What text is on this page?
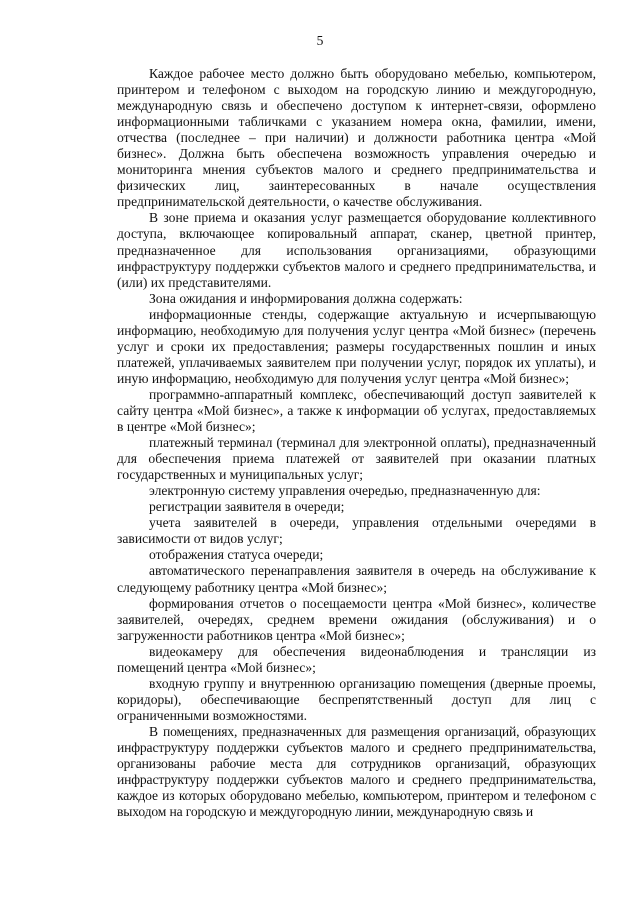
5

Каждое рабочее место должно быть оборудовано мебелью, компьютером, принтером и телефоном с выходом на городскую линию и междугородную, международную связь и обеспечено доступом к интернет-связи, оформлено информационными табличками с указанием номера окна, фамилии, имени, отчества (последнее – при наличии) и должности работника центра «Мой бизнес». Должна быть обеспечена возможность управления очередью и мониторинга мнения субъектов малого и среднего предпринимательства и физических лиц, заинтересованных в начале осуществления предпринимательской деятельности, о качестве обслуживания.

В зоне приема и оказания услуг размещается оборудование коллективного доступа, включающее копировальный аппарат, сканер, цветной принтер, предназначенное для использования организациями, образующими инфраструктуру поддержки субъектов малого и среднего предпринимательства, и (или) их представителями.

Зона ожидания и информирования должна содержать:

информационные стенды, содержащие актуальную и исчерпывающую информацию, необходимую для получения услуг центра «Мой бизнес» (перечень услуг и сроки их предоставления; размеры государственных пошлин и иных платежей, уплачиваемых заявителем при получении услуг, порядок их уплаты), и иную информацию, необходимую для получения услуг центра «Мой бизнес»;

программно-аппаратный комплекс, обеспечивающий доступ заявителей к сайту центра «Мой бизнес», а также к информации об услугах, предоставляемых в центре «Мой бизнес»;

платежный терминал (терминал для электронной оплаты), предназначенный для обеспечения приема платежей от заявителей при оказании платных государственных и муниципальных услуг;

электронную систему управления очередью, предназначенную для:

регистрации заявителя в очереди;

учета заявителей в очереди, управления отдельными очередями в зависимости от видов услуг;

отображения статуса очереди;

автоматического перенаправления заявителя в очередь на обслуживание к следующему работнику центра «Мой бизнес»;

формирования отчетов о посещаемости центра «Мой бизнес», количестве заявителей, очередях, среднем времени ожидания (обслуживания) и о загруженности работников центра «Мой бизнес»;

видеокамеру для обеспечения видеонаблюдения и трансляции из помещений центра «Мой бизнес»;

входную группу и внутреннюю организацию помещения (дверные проемы, коридоры), обеспечивающие беспрепятственный доступ для лиц с ограниченными возможностями.

В помещениях, предназначенных для размещения организаций, образующих инфраструктуру поддержки субъектов малого и среднего предпринимательства, организованы рабочие места для сотрудников организаций, образующих инфраструктуру поддержки субъектов малого и среднего предпринимательства, каждое из которых оборудовано мебелью, компьютером, принтером и телефоном с выходом на городскую и междугородную линии, международную связь и
